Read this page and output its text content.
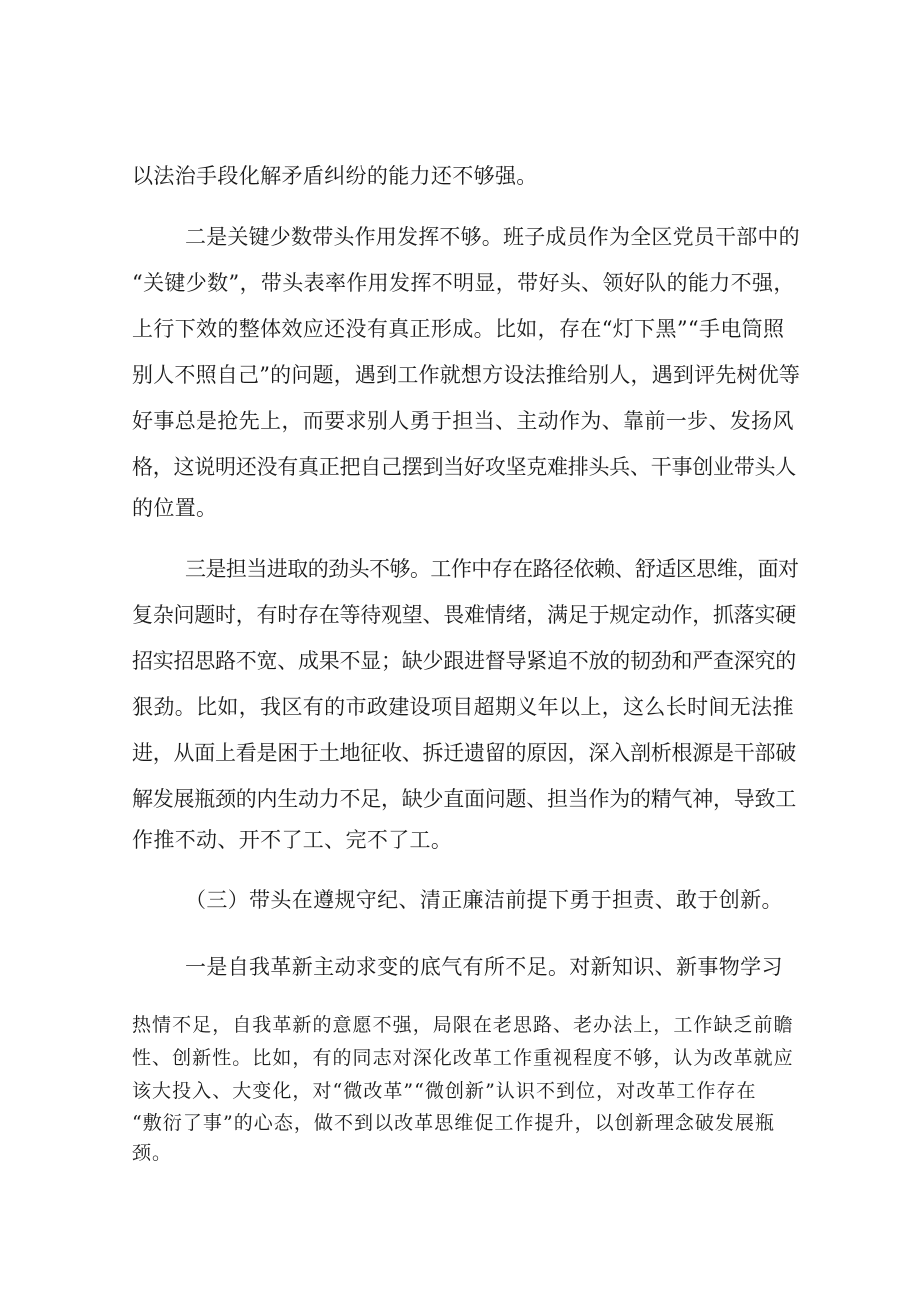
以法治手段化解矛盾纠纷的能力还不够强。
二是关键少数带头作用发挥不够。班子成员作为全区党员干部中的
“关键少数”，带头表率作用发挥不明显，带好头、领好队的能力不强，
上行下效的整体效应还没有真正形成。比如，存在“灯下黑”“手电筒照
别人不照自己”的问题，遇到工作就想方设法推给别人，遇到评先树优等
好事总是抢先上，而要求别人勇于担当、主动作为、靠前一步、发扬风
格，这说明还没有真正把自己摆到当好攻坚克难排头兵、干事创业带头人
的位置。
三是担当进取的劲头不够。工作中存在路径依赖、舒适区思维，面对
复杂问题时，有时存在等待观望、畏难情绪，满足于规定动作，抓落实硬
招实招思路不宽、成果不显；缺少跟进督导紧追不放的韧劲和严查深究的
狠劲。比如，我区有的市政建设项目超期义年以上，这么长时间无法推
进，从面上看是困于土地征收、拆迁遗留的原因，深入剖析根源是干部破
解发展瓶颈的内生动力不足，缺少直面问题、担当作为的精气神，导致工
作推不动、开不了工、完不了工。
（三）带头在遵规守纪、清正廉洁前提下勇于担责、敢于创新。
一是自我革新主动求变的底气有所不足。对新知识、新事物学习
热情不足，自我革新的意愿不强，局限在老思路、老办法上，工作缺乏前瞻
性、创新性。比如，有的同志对深化改革工作重视程度不够，认为改革就应
该大投入、大变化，对“微改革”“微创新”认识不到位，对改革工作存在
“敷衍了事”的心态，做不到以改革思维促工作提升，以创新理念破发展瓶
颈。
